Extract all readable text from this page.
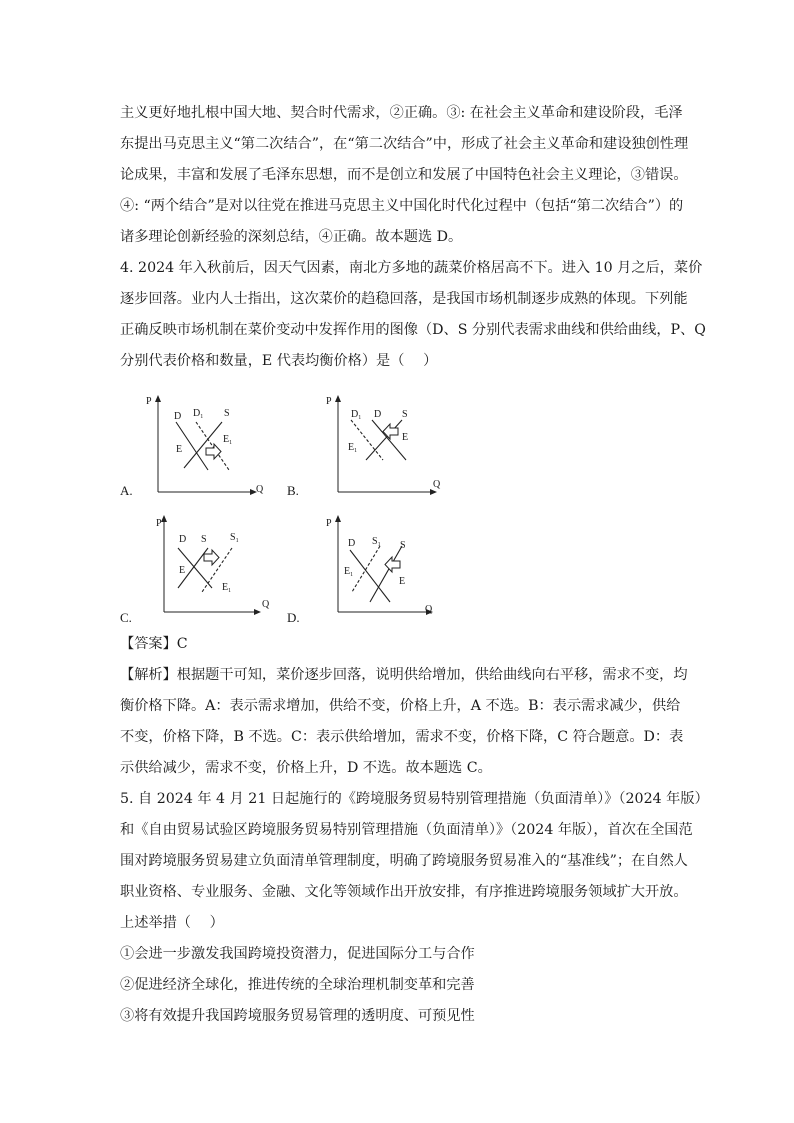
主义更好地扎根中国大地、契合时代需求，②正确。③: 在社会主义革命和建设阶段，毛泽
东提出马克思主义“第二次结合”，在“第二次结合”中，形成了社会主义革命和建设独创性理
论成果，丰富和发展了毛泽东思想，而不是创立和发展了中国特色社会主义理论，③错误。
④: “两个结合”是对以往党在推进马克思主义中国化时代化过程中（包括“第二次结合”）的
诸多理论创新经验的深刻总结，④正确。故本题选 D。
4. 2024 年入秋前后，因天气因素，南北方多地的蔬菜价格居高不下。进入 10 月之后，菜价
逐步回落。业内人士指出，这次菜价的趋稳回落，是我国市场机制逐步成熟的体现。下列能
正确反映市场机制在菜价变动中发挥作用的图像（D、S 分别代表需求曲线和供给曲线，P、Q
分别代表价格和数量，E 代表均衡价格）是（　 ）
P
Q
D $D_1$ S
E
$E_1$
A.
P
Q
$D_1$ D S
$E_1$
E
B.
P
Q
D S $S_1$
E
$E_1$
C.
P
Q
D $S_1$ S
$E_1$
E
D.
【答案】C
【解析】根据题干可知，菜价逐步回落，说明供给增加，供给曲线向右平移，需求不变，均
衡价格下降。A：表示需求增加，供给不变，价格上升，A 不选。B：表示需求减少，供给
不变，价格下降，B 不选。C：表示供给增加，需求不变，价格下降，C 符合题意。D：表
示供给减少，需求不变，价格上升，D 不选。故本题选 C。
5. 自 2024 年 4 月 21 日起施行的《跨境服务贸易特别管理措施（负面清单）》（2024 年版）
和《自由贸易试验区跨境服务贸易特别管理措施（负面清单）》（2024 年版），首次在全国范
围对跨境服务贸易建立负面清单管理制度，明确了跨境服务贸易准入的“基准线”；在自然人
职业资格、专业服务、金融、文化等领域作出开放安排，有序推进跨境服务领域扩大开放。
上述举措（　 ）
①会进一步激发我国跨境投资潜力，促进国际分工与合作
②促进经济全球化，推进传统的全球治理机制变革和完善
③将有效提升我国跨境服务贸易管理的透明度、可预见性
